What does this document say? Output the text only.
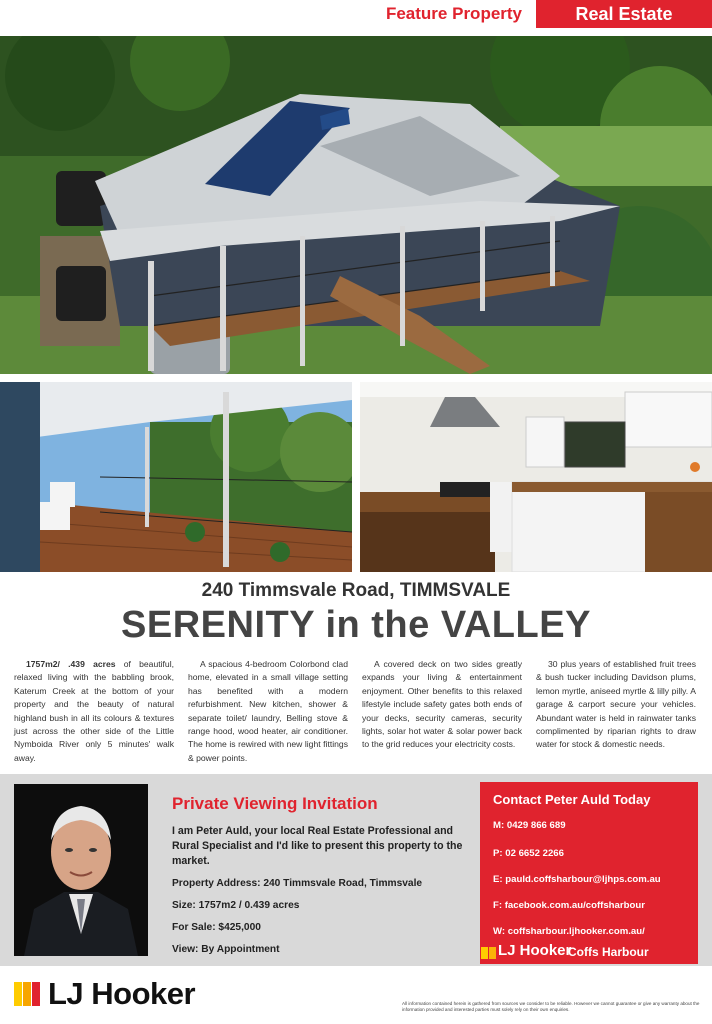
Feature Property	Real Estate
240 Timmsvale Road, TIMMSVALE
SERENITY in the VALLEY
1757m2/ .439 acres of beautiful, relaxed living with the babbling brook, Katerum Creek at the bottom of your property and the beauty of natural highland bush in all its colours & textures just across the other side of the Little Nymboida River only 5 minutes' walk away.
A spacious 4-bedroom Colorbond clad home, elevated in a small village setting has benefited with a modern refurbishment. New kitchen, shower & separate toilet/ laundry, Belling stove & range hood, wood heater, air conditioner. The home is rewired with new light fittings & power points.
A covered deck on two sides greatly expands your living & entertainment enjoyment. Other benefits to this relaxed lifestyle include safety gates both ends of your decks, security cameras, security lights, solar hot water & solar power back to the grid reduces your electricity costs.
30 plus years of established fruit trees & bush tucker including Davidson plums, lemon myrtle, aniseed myrtle & lilly pilly. A garage & carport secure your vehicles. Abundant water is held in rainwater tanks complimented by riparian rights to draw water for stock & domestic needs.
Private Viewing Invitation
I am Peter Auld, your local Real Estate Professional and Rural Specialist and I'd like to present this property to the market.
Property Address: 240 Timmsvale Road, Timmsvale
Size: 1757m2 / 0.439 acres
For Sale: $425,000
View: By Appointment
Contact Peter Auld Today
M: 0429 866 689
P: 02 6652 2266
E: pauld.coffsharbour@ljhps.com.au
F: facebook.com.au/coffsharbour
W: coffsharbour.ljhooker.com.au/
LJ Hooker
Coffs Harbour
LJ Hooker	All information contained herein is gathered from sources we consider to be reliable. However we cannot guarantee or give any warranty about the information provided and interested parties must solely rely on their own enquiries.
